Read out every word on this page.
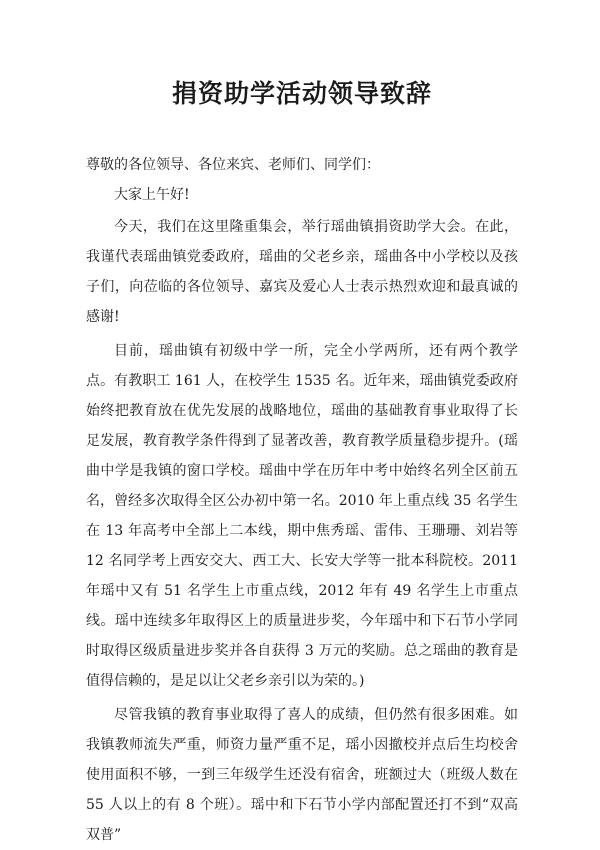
捐资助学活动领导致辞

尊敬的各位领导、各位来宾、老师们、同学们：

大家上午好!

今天，我们在这里隆重集会，举行瑶曲镇捐资助学大会。在此，我谨代表瑶曲镇党委政府，瑶曲的父老乡亲，瑶曲各中小学校以及孩子们，向莅临的各位领导、嘉宾及爱心人士表示热烈欢迎和最真诚的感谢!

目前，瑶曲镇有初级中学一所，完全小学两所，还有两个教学点。有教职工 161 人，在校学生 1535 名。近年来，瑶曲镇党委政府始终把教育放在优先发展的战略地位，瑶曲的基础教育事业取得了长足发展，教育教学条件得到了显著改善，教育教学质量稳步提升。(瑶曲中学是我镇的窗口学校。瑶曲中学在历年中考中始终名列全区前五名，曾经多次取得全区公办初中第一名。2010 年上重点线 35 名学生在 13 年高考中全部上二本线，期中焦秀瑶、雷伟、王珊珊、刘岩等 12 名同学考上西安交大、西工大、长安大学等一批本科院校。2011 年瑶中又有 51 名学生上市重点线，2012 年有 49 名学生上市重点线。瑶中连续多年取得区上的质量进步奖，今年瑶中和下石节小学同时取得区级质量进步奖并各自获得 3 万元的奖励。总之瑶曲的教育是值得信赖的，是足以让父老乡亲引以为荣的。)

尽管我镇的教育事业取得了喜人的成绩，但仍然有很多困难。如我镇教师流失严重，师资力量严重不足，瑶小因撤校并点后生均校舍使用面积不够，一到三年级学生还没有宿舍，班额过大（班级人数在 55 人以上的有 8 个班）。瑶中和下石节小学内部配置还打不到“双高双普”
